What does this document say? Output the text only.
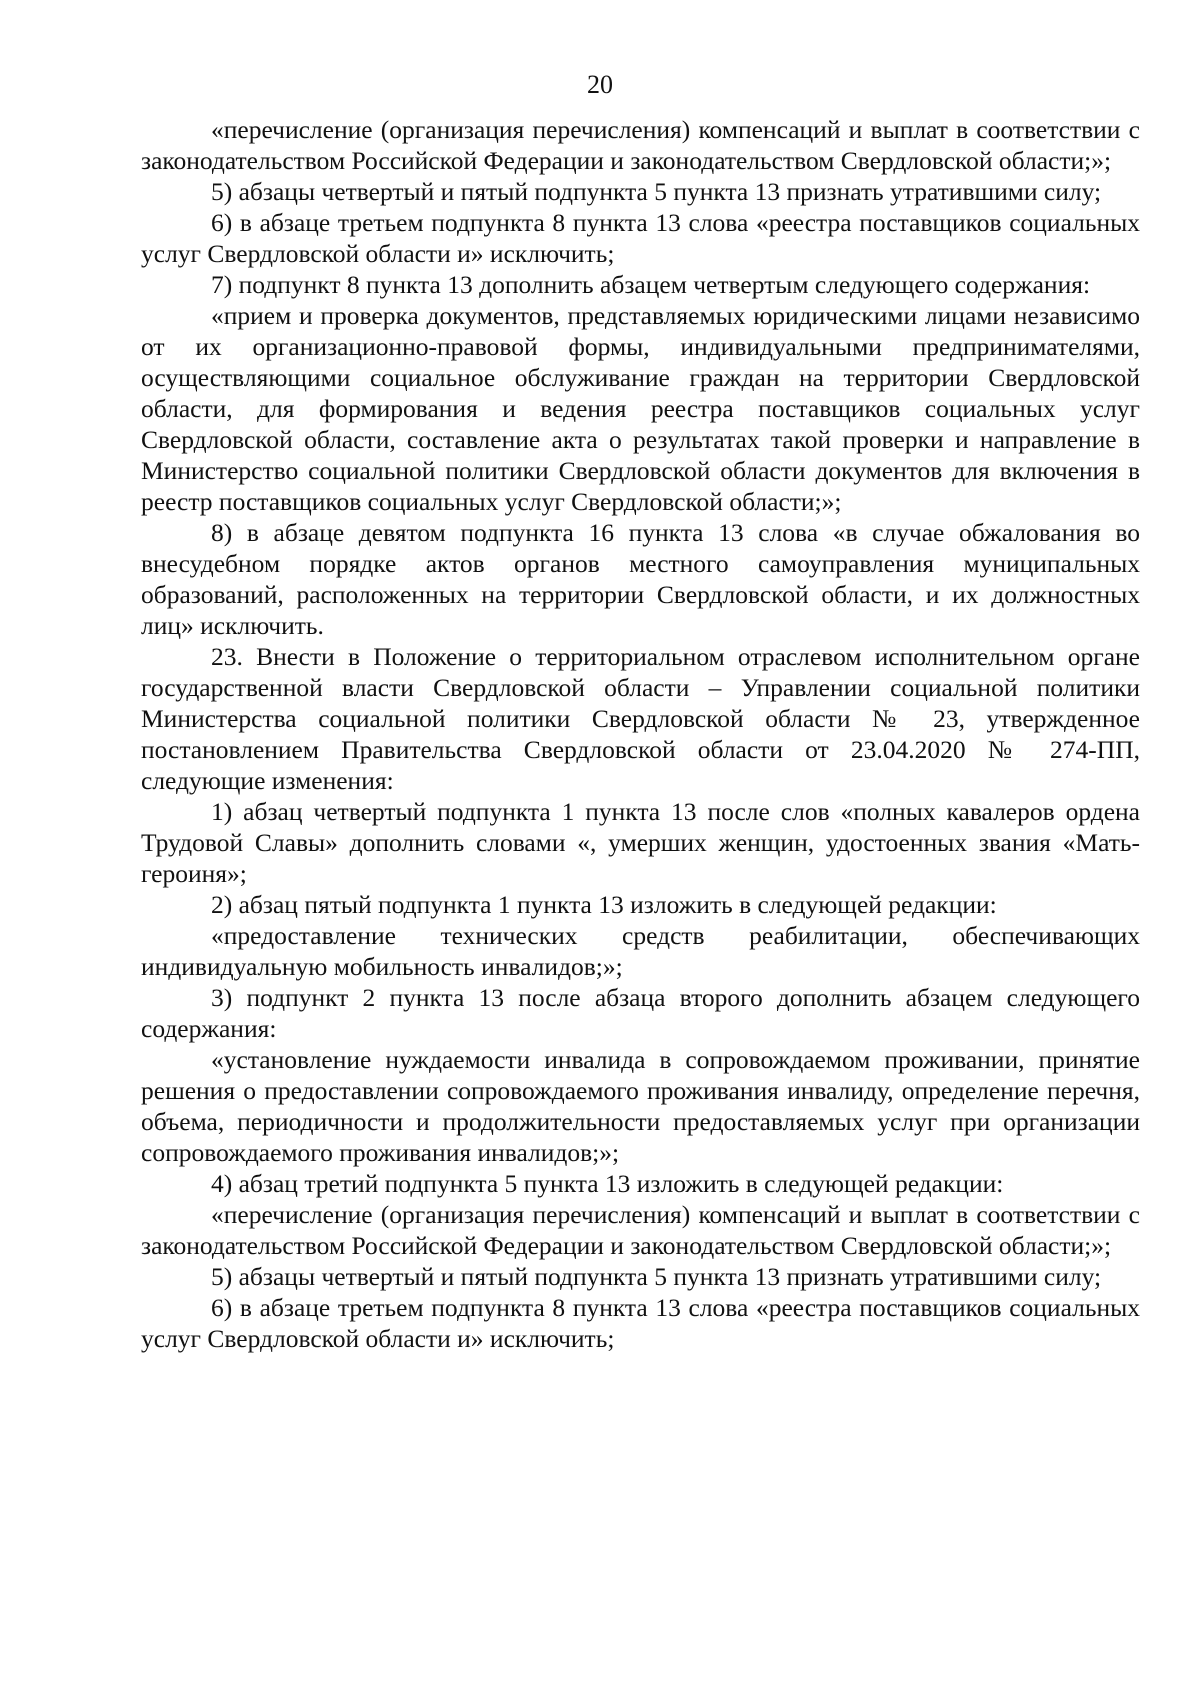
20

«перечисление (организация перечисления) компенсаций и выплат в соответствии с законодательством Российской Федерации и законодательством Свердловской области;»;

5) абзацы четвертый и пятый подпункта 5 пункта 13 признать утратившими силу;

6) в абзаце третьем подпункта 8 пункта 13 слова «реестра поставщиков социальных услуг Свердловской области и» исключить;

7) подпункт 8 пункта 13 дополнить абзацем четвертым следующего содержания:

«прием и проверка документов, представляемых юридическими лицами независимо от их организационно-правовой формы, индивидуальными предпринимателями, осуществляющими социальное обслуживание граждан на территории Свердловской области, для формирования и ведения реестра поставщиков социальных услуг Свердловской области, составление акта о результатах такой проверки и направление в Министерство социальной политики Свердловской области документов для включения в реестр поставщиков социальных услуг Свердловской области;»;

8) в абзаце девятом подпункта 16 пункта 13 слова «в случае обжалования во внесудебном порядке актов органов местного самоуправления муниципальных образований, расположенных на территории Свердловской области, и их должностных лиц» исключить.

23. Внести в Положение о территориальном отраслевом исполнительном органе государственной власти Свердловской области – Управлении социальной политики Министерства социальной политики Свердловской области № 23, утвержденное постановлением Правительства Свердловской области от 23.04.2020 № 274-ПП, следующие изменения:

1) абзац четвертый подпункта 1 пункта 13 после слов «полных кавалеров ордена Трудовой Славы» дополнить словами «, умерших женщин, удостоенных звания «Мать-героиня»;

2) абзац пятый подпункта 1 пункта 13 изложить в следующей редакции:

«предоставление технических средств реабилитации, обеспечивающих индивидуальную мобильность инвалидов;»;

3) подпункт 2 пункта 13 после абзаца второго дополнить абзацем следующего содержания:

«установление нуждаемости инвалида в сопровождаемом проживании, принятие решения о предоставлении сопровождаемого проживания инвалиду, определение перечня, объема, периодичности и продолжительности предоставляемых услуг при организации сопровождаемого проживания инвалидов;»;

4) абзац третий подпункта 5 пункта 13 изложить в следующей редакции:

«перечисление (организация перечисления) компенсаций и выплат в соответствии с законодательством Российской Федерации и законодательством Свердловской области;»;

5) абзацы четвертый и пятый подпункта 5 пункта 13 признать утратившими силу;

6) в абзаце третьем подпункта 8 пункта 13 слова «реестра поставщиков социальных услуг Свердловской области и» исключить;
